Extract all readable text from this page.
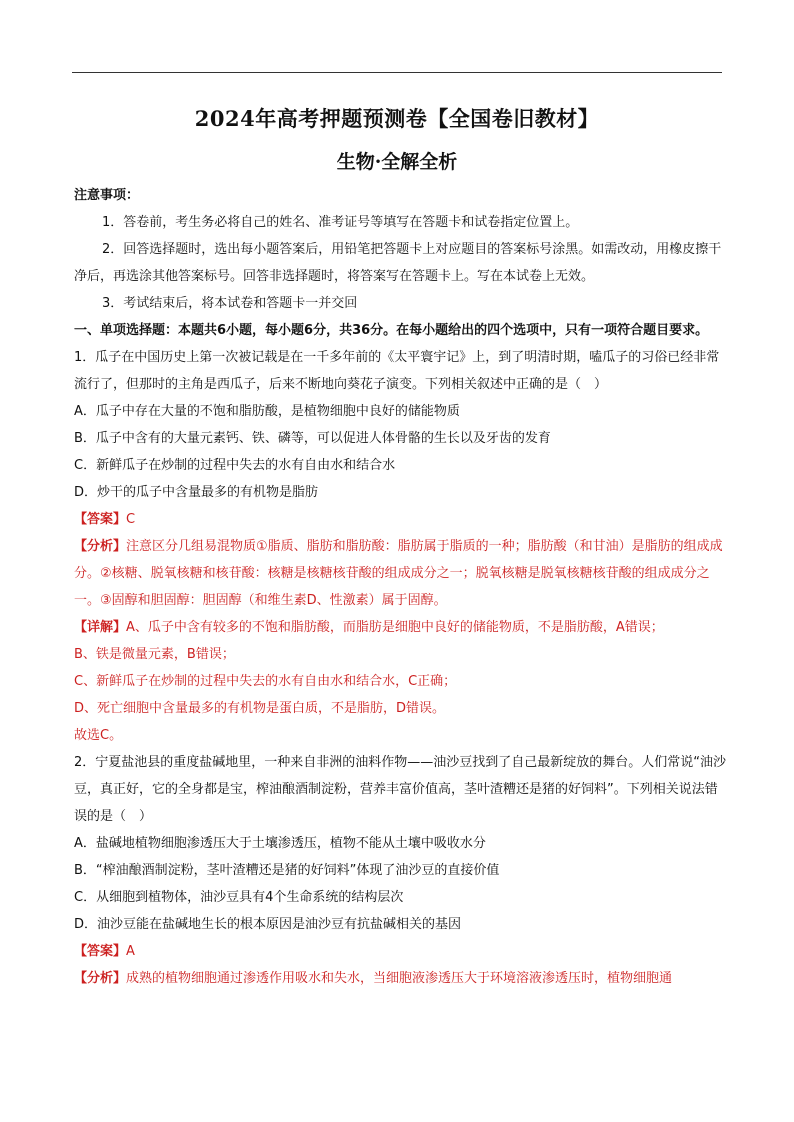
2024年高考押题预测卷【全国卷旧教材】
生物·全解全析

注意事项：

1．答卷前，考生务必将自己的姓名、准考证号等填写在答题卡和试卷指定位置上。

2．回答选择题时，选出每小题答案后，用铅笔把答题卡上对应题目的答案标号涂黑。如需改动，用橡皮擦干净后，再选涂其他答案标号。回答非选择题时，将答案写在答题卡上。写在本试卷上无效。

3．考试结束后，将本试卷和答题卡一并交回

一、单项选择题：本题共6小题，每小题6分，共36分。在每小题给出的四个选项中，只有一项符合题目要求。

1．瓜子在中国历史上第一次被记载是在一千多年前的《太平寰宇记》上，到了明清时期，嗑瓜子的习俗已经非常流行了，但那时的主角是西瓜子，后来不断地向葵花子演变。下列相关叙述中正确的是（　）

A．瓜子中存在大量的不饱和脂肪酸，是植物细胞中良好的储能物质

B．瓜子中含有的大量元素钙、铁、磷等，可以促进人体骨骼的生长以及牙齿的发育

C．新鲜瓜子在炒制的过程中失去的水有自由水和结合水

D．炒干的瓜子中含量最多的有机物是脂肪

【答案】C

【分析】注意区分几组易混物质①脂质、脂肪和脂肪酸：脂肪属于脂质的一种；脂肪酸（和甘油）是脂肪的组成成分。②核糖、脱氧核糖和核苷酸：核糖是核糖核苷酸的组成成分之一；脱氧核糖是脱氧核糖核苷酸的组成成分之一。③固醇和胆固醇：胆固醇（和维生素D、性激素）属于固醇。

【详解】A、瓜子中含有较多的不饱和脂肪酸，而脂肪是细胞中良好的储能物质，不是脂肪酸，A错误；

B、铁是微量元素，B错误；

C、新鲜瓜子在炒制的过程中失去的水有自由水和结合水，C正确；

D、死亡细胞中含量最多的有机物是蛋白质，不是脂肪，D错误。

故选C。

2．宁夏盐池县的重度盐碱地里，一种来自非洲的油料作物——油沙豆找到了自己最新绽放的舞台。人们常说“油沙豆，真正好，它的全身都是宝，榨油酿酒制淀粉，营养丰富价值高，茎叶渣糟还是猪的好饲料”。下列相关说法错误的是（　）

A．盐碱地植物细胞渗透压大于土壤渗透压，植物不能从土壤中吸收水分

B．“榨油酿酒制淀粉，茎叶渣糟还是猪的好饲料”体现了油沙豆的直接价值

C．从细胞到植物体，油沙豆具有4个生命系统的结构层次

D．油沙豆能在盐碱地生长的根本原因是油沙豆有抗盐碱相关的基因

【答案】A

【分析】成熟的植物细胞通过渗透作用吸水和失水，当细胞液渗透压大于环境溶液渗透压时，植物细胞通
